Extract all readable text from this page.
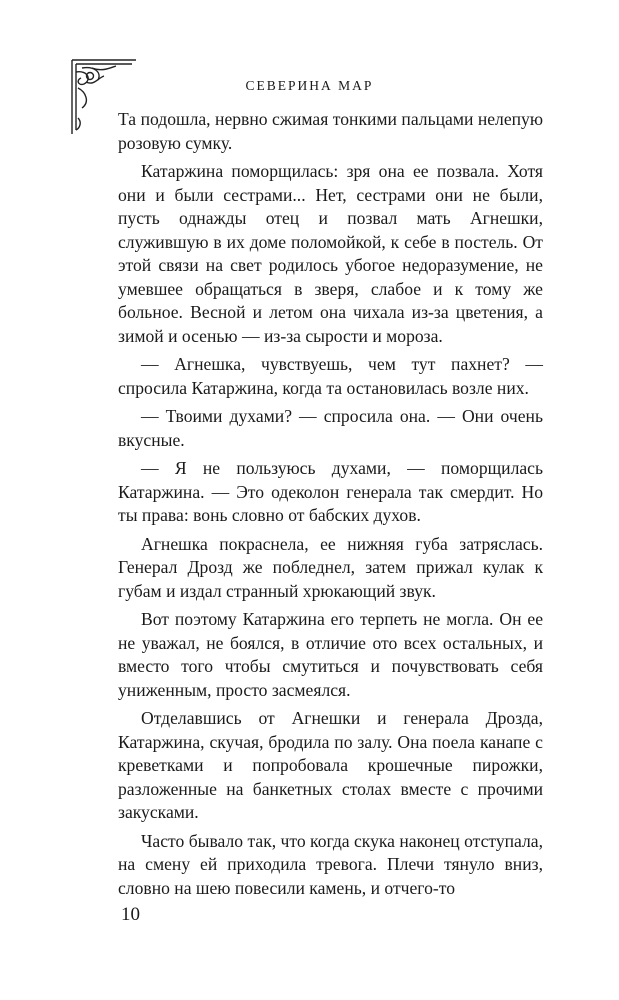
СЕВЕРИНА МАР

Та подошла, нервно сжимая тонкими пальцами нелепую розовую сумку.

Катаржина поморщилась: зря она ее позвала. Хотя они и были сестрами... Нет, сестрами они не были, пусть однажды отец и позвал мать Агнешки, служившую в их доме поломойкой, к себе в постель. От этой связи на свет родилось убогое недоразумение, не умевшее обращаться в зверя, слабое и к тому же больное. Весной и летом она чихала из-за цветения, а зимой и осенью — из-за сырости и мороза.

— Агнешка, чувствуешь, чем тут пахнет? — спросила Катаржина, когда та остановилась возле них.

— Твоими духами? — спросила она. — Они очень вкусные.

— Я не пользуюсь духами, — поморщилась Катаржина. — Это одеколон генерала так смердит. Но ты права: вонь словно от бабских духов.

Агнешка покраснела, ее нижняя губа затряслась. Генерал Дрозд же побледнел, затем прижал кулак к губам и издал странный хрюкающий звук.

Вот поэтому Катаржина его терпеть не могла. Он ее не уважал, не боялся, в отличие ото всех остальных, и вместо того чтобы смутиться и почувствовать себя униженным, просто засмеялся.

Отделавшись от Агнешки и генерала Дрозда, Катаржина, скучая, бродила по залу. Она поела канапе с креветками и попробовала крошечные пирожки, разложенные на банкетных столах вместе с прочими закусками.

Часто бывало так, что когда скука наконец отступала, на смену ей приходила тревога. Плечи тянуло вниз, словно на шею повесили камень, и отчего-то

10
